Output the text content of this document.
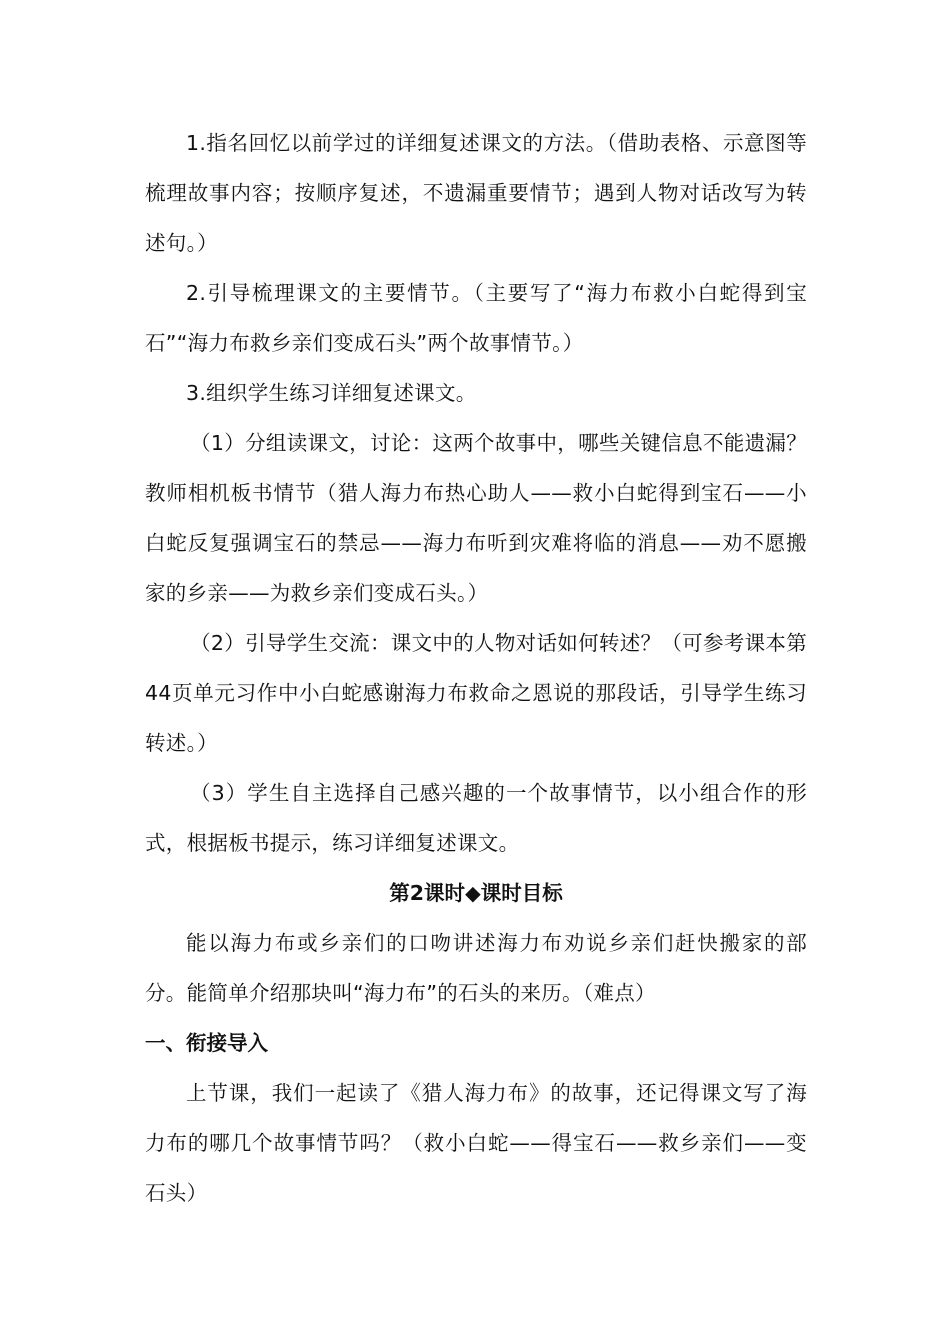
1.指名回忆以前学过的详细复述课文的方法。（借助表格、示意图等梳理故事内容；按顺序复述，不遗漏重要情节；遇到人物对话改写为转述句。）

2.引导梳理课文的主要情节。（主要写了“海力布救小白蛇得到宝石”“海力布救乡亲们变成石头”两个故事情节。）

3.组织学生练习详细复述课文。

（1）分组读课文，讨论：这两个故事中，哪些关键信息不能遗漏？教师相机板书情节（猎人海力布热心助人——救小白蛇得到宝石——小白蛇反复强调宝石的禁忌——海力布听到灾难将临的消息——劝不愿搬家的乡亲——为救乡亲们变成石头。）

（2）引导学生交流：课文中的人物对话如何转述？（可参考课本第44页单元习作中小白蛇感谢海力布救命之恩说的那段话，引导学生练习转述。）

（3）学生自主选择自己感兴趣的一个故事情节，以小组合作的形式，根据板书提示，练习详细复述课文。

第2课时◆课时目标

能以海力布或乡亲们的口吻讲述海力布劝说乡亲们赶快搬家的部分。能简单介绍那块叫“海力布”的石头的来历。（难点）

一、衔接导入

上节课，我们一起读了《猎人海力布》的故事，还记得课文写了海力布的哪几个故事情节吗？（救小白蛇——得宝石——救乡亲们——变石头）
